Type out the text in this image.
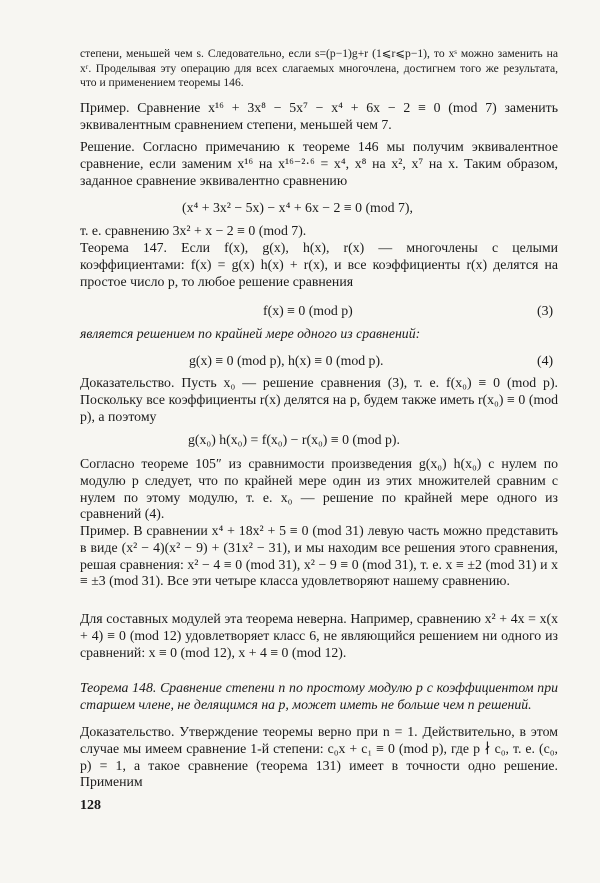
степени, меньшей чем s. Следовательно, если s=(p−1)g+r (1⩽r⩽p−1), то xˢ можно заменить на xʳ. Проделывая эту операцию для всех слагаемых многочлена, достигнем того же результата, что и применением теоремы 146.
Пример. Сравнение x¹⁶ + 3x⁸ − 5x⁷ − x⁴ + 6x − 2 ≡ 0 (mod 7) заменить эквивалентным сравнением степени, меньшей чем 7.
Решение. Согласно примечанию к теореме 146 мы получим эквивалентное сравнение, если заменим x¹⁶ на x¹⁶⁻²·⁶ = x⁴, x⁸ на x², x⁷ на x. Таким образом, заданное сравнение эквивалентно сравнению
(x⁴ + 3x² − 5x) − x⁴ + 6x − 2 ≡ 0 (mod 7),
т. е. сравнению 3x² + x − 2 ≡ 0 (mod 7).
Теорема 147. Если f(x), g(x), h(x), r(x) — многочлены с целыми коэффициентами: f(x) = g(x) h(x) + r(x), и все коэффициенты r(x) делятся на простое число p, то любое решение сравнения
f(x) ≡ 0 (mod p)	(3)
является решением по крайней мере одного из сравнений:
g(x) ≡ 0 (mod p), h(x) ≡ 0 (mod p).	(4)
Доказательство. Пусть x₀ — решение сравнения (3), т. е. f(x₀) ≡ 0 (mod p). Поскольку все коэффициенты r(x) делятся на p, будем также иметь r(x₀) ≡ 0 (mod p), а поэтому
g(x₀) h(x₀) = f(x₀) − r(x₀) ≡ 0 (mod p).
Согласно теореме 105″ из сравнимости произведения g(x₀) h(x₀) с нулем по модулю p следует, что по крайней мере один из этих множителей сравним с нулем по этому модулю, т. е. x₀ — решение по крайней мере одного из сравнений (4).
Пример. В сравнении x⁴ + 18x² + 5 ≡ 0 (mod 31) левую часть можно представить в виде (x² − 4)(x² − 9) + (31x² − 31), и мы находим все решения этого сравнения, решая сравнения: x² − 4 ≡ 0 (mod 31), x² − 9 ≡ 0 (mod 31), т. е. x ≡ ±2 (mod 31) и x ≡ ±3 (mod 31). Все эти четыре класса удовлетворяют нашему сравнению.
Для составных модулей эта теорема неверна. Например, сравнению x² + 4x = x(x + 4) ≡ 0 (mod 12) удовлетворяет класс 6, не являющийся решением ни одного из сравнений: x ≡ 0 (mod 12), x + 4 ≡ 0 (mod 12).
Теорема 148. Сравнение степени n по простому модулю p с коэффициентом при старшем члене, не делящимся на p, может иметь не больше чем n решений.
Доказательство. Утверждение теоремы верно при n = 1. Действительно, в этом случае мы имеем сравнение 1-й степени: c₀x + c₁ ≡ 0 (mod p), где p ∤ c₀, т. е. (c₀, p) = 1, а такое сравнение (теорема 131) имеет в точности одно решение. Применим
128
